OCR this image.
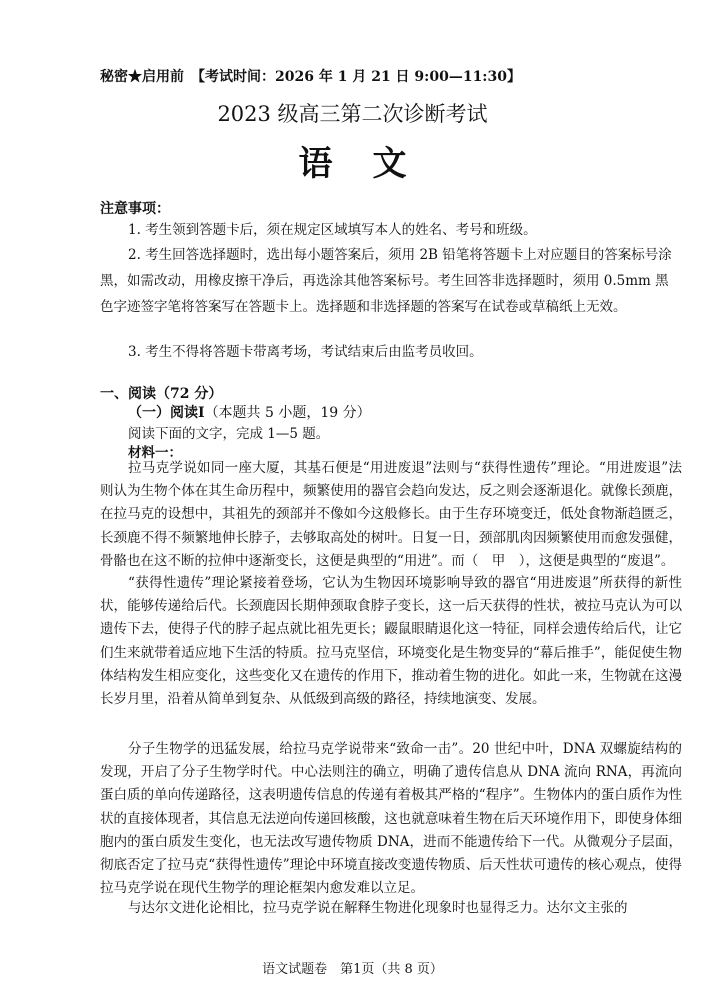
秘密★启用前　【考试时间：2026 年 1 月 21 日 9:00—11:30】
2023 级高三第二次诊断考试
语文
注意事项：
1. 考生领到答题卡后，须在规定区域填写本人的姓名、考号和班级。
2. 考生回答选择题时，选出每小题答案后，须用 2B 铅笔将答题卡上对应题目的答案标号涂黑，如需改动，用橡皮擦干净后，再选涂其他答案标号。考生回答非选择题时，须用 0.5mm 黑色字迹签字笔将答案写在答题卡上。选择题和非选择题的答案写在试卷或草稿纸上无效。
3. 考生不得将答题卡带离考场，考试结束后由监考员收回。
一、阅读（72 分）
（一）阅读Ⅰ（本题共 5 小题，19 分）
阅读下面的文字，完成 1—5 题。
材料一：
拉马克学说如同一座大厦，其基石便是“用进废退”法则与“获得性遗传”理论。“用进废退”法则认为生物个体在其生命历程中，频繁使用的器官会趋向发达，反之则会逐渐退化。就像长颈鹿，在拉马克的设想中，其祖先的颈部并不像如今这般修长。由于生存环境变迁，低处食物渐趋匮乏，长颈鹿不得不频繁地伸长脖子，去够取高处的树叶。日复一日，颈部肌肉因频繁使用而愈发强健，骨骼也在这不断的拉伸中逐渐变长，这便是典型的“用进”。而（　甲　），这便是典型的“废退”。
“获得性遗传”理论紧接着登场，它认为生物因环境影响导致的器官“用进废退”所获得的新性状，能够传递给后代。长颈鹿因长期伸颈取食脖子变长，这一后天获得的性状，被拉马克认为可以遗传下去，使得子代的脖子起点就比祖先更长；鼹鼠眼睛退化这一特征，同样会遗传给后代，让它们生来就带着适应地下生活的特质。拉马克坚信，环境变化是生物变异的“幕后推手”，能促使生物体结构发生相应变化，这些变化又在遗传的作用下，推动着生物的进化。如此一来，生物就在这漫长岁月里，沿着从简单到复杂、从低级到高级的路径，持续地演变、发展。
分子生物学的迅猛发展，给拉马克学说带来“致命一击”。20 世纪中叶，DNA 双螺旋结构的发现，开启了分子生物学时代。中心法则注的确立，明确了遗传信息从 DNA 流向 RNA，再流向蛋白质的单向传递路径，这表明遗传信息的传递有着极其严格的“程序”。生物体内的蛋白质作为性状的直接体现者，其信息无法逆向传递回核酸，这也就意味着生物在后天环境作用下，即使身体细胞内的蛋白质发生变化，也无法改写遗传物质 DNA，进而不能遗传给下一代。从微观分子层面，彻底否定了拉马克“获得性遗传”理论中环境直接改变遗传物质、后天性状可遗传的核心观点，使得拉马克学说在现代生物学的理论框架内愈发难以立足。
与达尔文进化论相比，拉马克学说在解释生物进化现象时也显得乏力。达尔文主张的
语文试题卷　第1页（共 8 页）
